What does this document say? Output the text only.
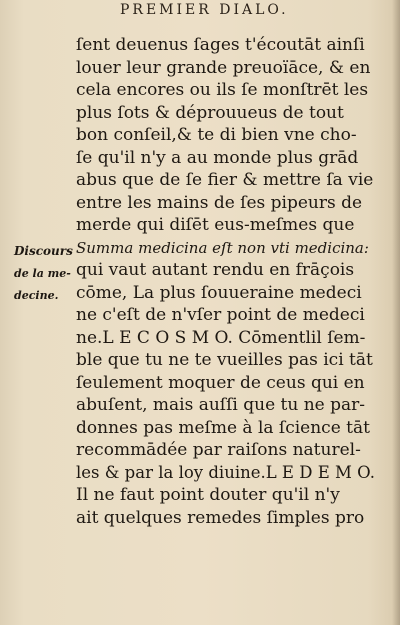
PREMIER DIALO.
Discours
de la me-
decine.
ſent deuenus ſages t'écoutāt ainſi
louer leur grande preuoïāce, & en
cela encores ou ils ſe monſtrēt les
plus ſots & déprouueus de tout
bon conſeil,& te di bien vne cho-
ſe qu'il n'y a au monde plus grād
abus que de ſe fier & mettre ſa vie
entre les mains de ſes pipeurs de
merde qui diſēt eus-meſmes que
Summa medicina eſt non vti medicina:
qui vaut autant rendu en frāçois
cōme, La plus ſouueraine medeci
ne c'eſt de n'vſer point de medeci
ne.L E C O S M O. Cōmentlil ſem-
ble que tu ne te vueilles pas ici tāt
ſeulement moquer de ceus qui en
abuſent, mais auſſi que tu ne par-
donnes pas meſme à la ſcience tāt
recommādée par raiſons naturel-
les & par la loy diuine.L E D E M O.
Il ne faut point douter qu'il n'y
ait quelques remedes ſimples pro
